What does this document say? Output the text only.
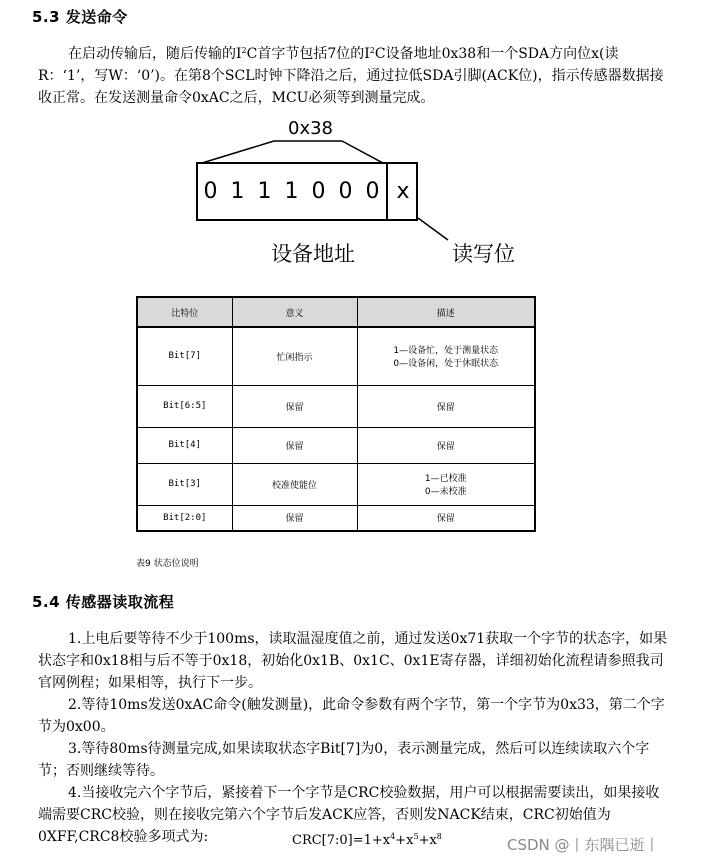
5.3 发送命令

在启动传输后，随后传输的$I^2C$首字节包括7位的$I^2C$设备地址0x38和一个SDA方向位x(读R：‘1’，写W：‘0’)。在第8个SCL时钟下降沿之后，通过拉低SDA引脚(ACK位)，指示传感器数据接收正常。在发送测量命令0xAC之后，MCU必须等到测量完成。

0x38
0 1 1 1 0 0 0 x
设备地址	读写位
比特位	意义	描述
Bit[7]	忙闲指示	1—设备忙，处于测量状态
0—设备闲，处于休眠状态

Bit[6:5]	保留	保留
Bit[4]	保留	保留
Bit[3]	校准使能位	1—已校准
0—未校准

Bit[2:0]	保留	保留
表9 状态位说明
5.4 传感器读取流程

1.上电后要等待不少于100ms，读取温湿度值之前，通过发送0x71获取一个字节的状态字，如果状态字和0x18相与后不等于0x18，初始化0x1B、0x1C、0x1E寄存器，详细初始化流程请参照我司官网例程；如果相等，执行下一步。

2.等待10ms发送0xAC命令(触发测量)，此命令参数有两个字节，第一个字节为0x33，第二个字节为0x00。

3.等待80ms待测量完成,如果读取状态字Bit[7]为0，表示测量完成，然后可以连续读取六个字节；否则继续等待。

4.当接收完六个字节后，紧接着下一个字节是CRC校验数据，用户可以根据需要读出，如果接收端需要CRC校验，则在接收完第六个字节后发ACK应答，否则发NACK结束，CRC初始值为0XFF,CRC8校验多项式为:	$CRC[7:0]=1+x^4+x^5+x^8$	CSDN @丨东隅已逝丨
